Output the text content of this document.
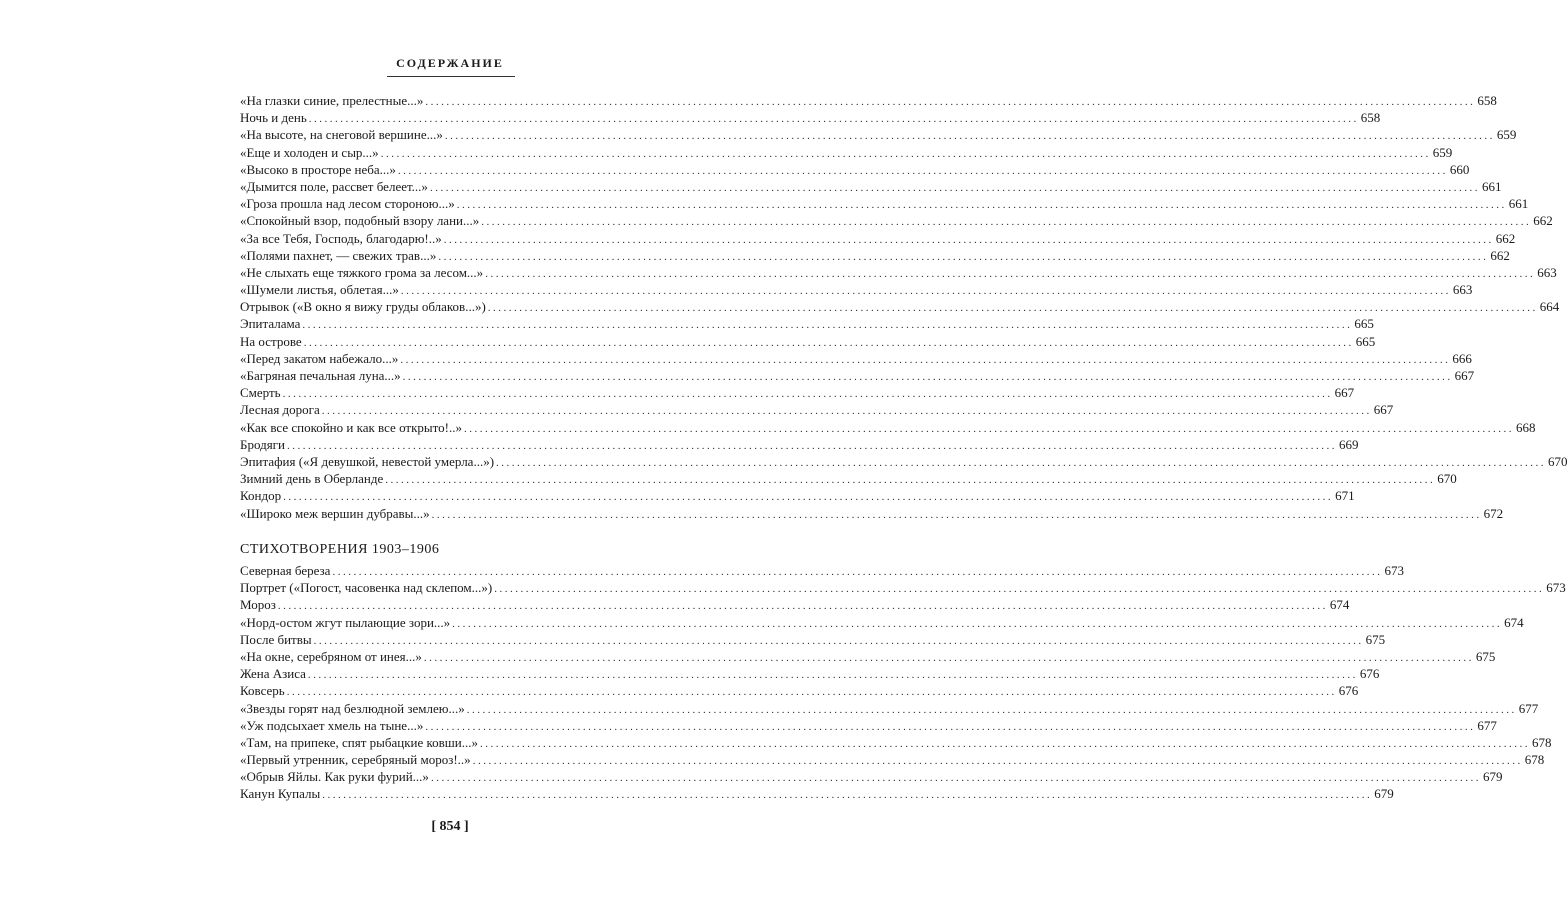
СОДЕРЖАНИЕ
«На глазки синие, прелестные...» ........................................................................................................................................................................................................ 658
Ночь и день ........................................................................................................................................................................................................ 658
«На высоте, на снеговой вершине...» ........................................................................................................................................................................................................ 659
«Еще и холоден и сыр...» ........................................................................................................................................................................................................ 659
«Высоко в просторе неба...» ........................................................................................................................................................................................................ 660
«Дымится поле, рассвет белеет...» ........................................................................................................................................................................................................ 661
«Гроза прошла над лесом стороною...» ........................................................................................................................................................................................................ 661
«Спокойный взор, подобный взору лани...» ........................................................................................................................................................................................................ 662
«За все Тебя, Господь, благодарю!..» ........................................................................................................................................................................................................ 662
«Полями пахнет, — свежих трав...» ........................................................................................................................................................................................................ 662
«Не слыхать еще тяжкого грома за лесом...» ........................................................................................................................................................................................................ 663
«Шумели листья, облетая...» ........................................................................................................................................................................................................ 663
Отрывок («В окно я вижу груды облаков...») ........................................................................................................................................................................................................ 664
Эпиталама ........................................................................................................................................................................................................ 665
На острове ........................................................................................................................................................................................................ 665
«Перед закатом набежало...» ........................................................................................................................................................................................................ 666
«Багряная печальная луна...» ........................................................................................................................................................................................................ 667
Смерть ........................................................................................................................................................................................................ 667
Лесная дорога ........................................................................................................................................................................................................ 667
«Как все спокойно и как все открыто!..» ........................................................................................................................................................................................................ 668
Бродяги ........................................................................................................................................................................................................ 669
Эпитафия («Я девушкой, невестой умерла...») ........................................................................................................................................................................................................ 670
Зимний день в Оберланде ........................................................................................................................................................................................................ 670
Кондор ........................................................................................................................................................................................................ 671
«Широко меж вершин дубравы...» ........................................................................................................................................................................................................ 672
СТИХОТВОРЕНИЯ 1903–1906
Северная береза ........................................................................................................................................................................................................ 673
Портрет («Погост, часовенка над склепом...») ........................................................................................................................................................................................................ 673
Мороз ........................................................................................................................................................................................................ 674
«Норд-остом жгут пылающие зори...» ........................................................................................................................................................................................................ 674
После битвы ........................................................................................................................................................................................................ 675
«На окне, серебряном от инея...» ........................................................................................................................................................................................................ 675
Жена Азиса ........................................................................................................................................................................................................ 676
Ковсерь ........................................................................................................................................................................................................ 676
«Звезды горят над безлюдной землею...» ........................................................................................................................................................................................................ 677
«Уж подсыхает хмель на тыне...» ........................................................................................................................................................................................................ 677
«Там, на припеке, спят рыбацкие ковши...» ........................................................................................................................................................................................................ 678
«Первый утренник, серебряный мороз!..» ........................................................................................................................................................................................................ 678
«Обрыв Яйлы. Как руки фурий...» ........................................................................................................................................................................................................ 679
Канун Купалы ........................................................................................................................................................................................................ 679
[ 854 ]
